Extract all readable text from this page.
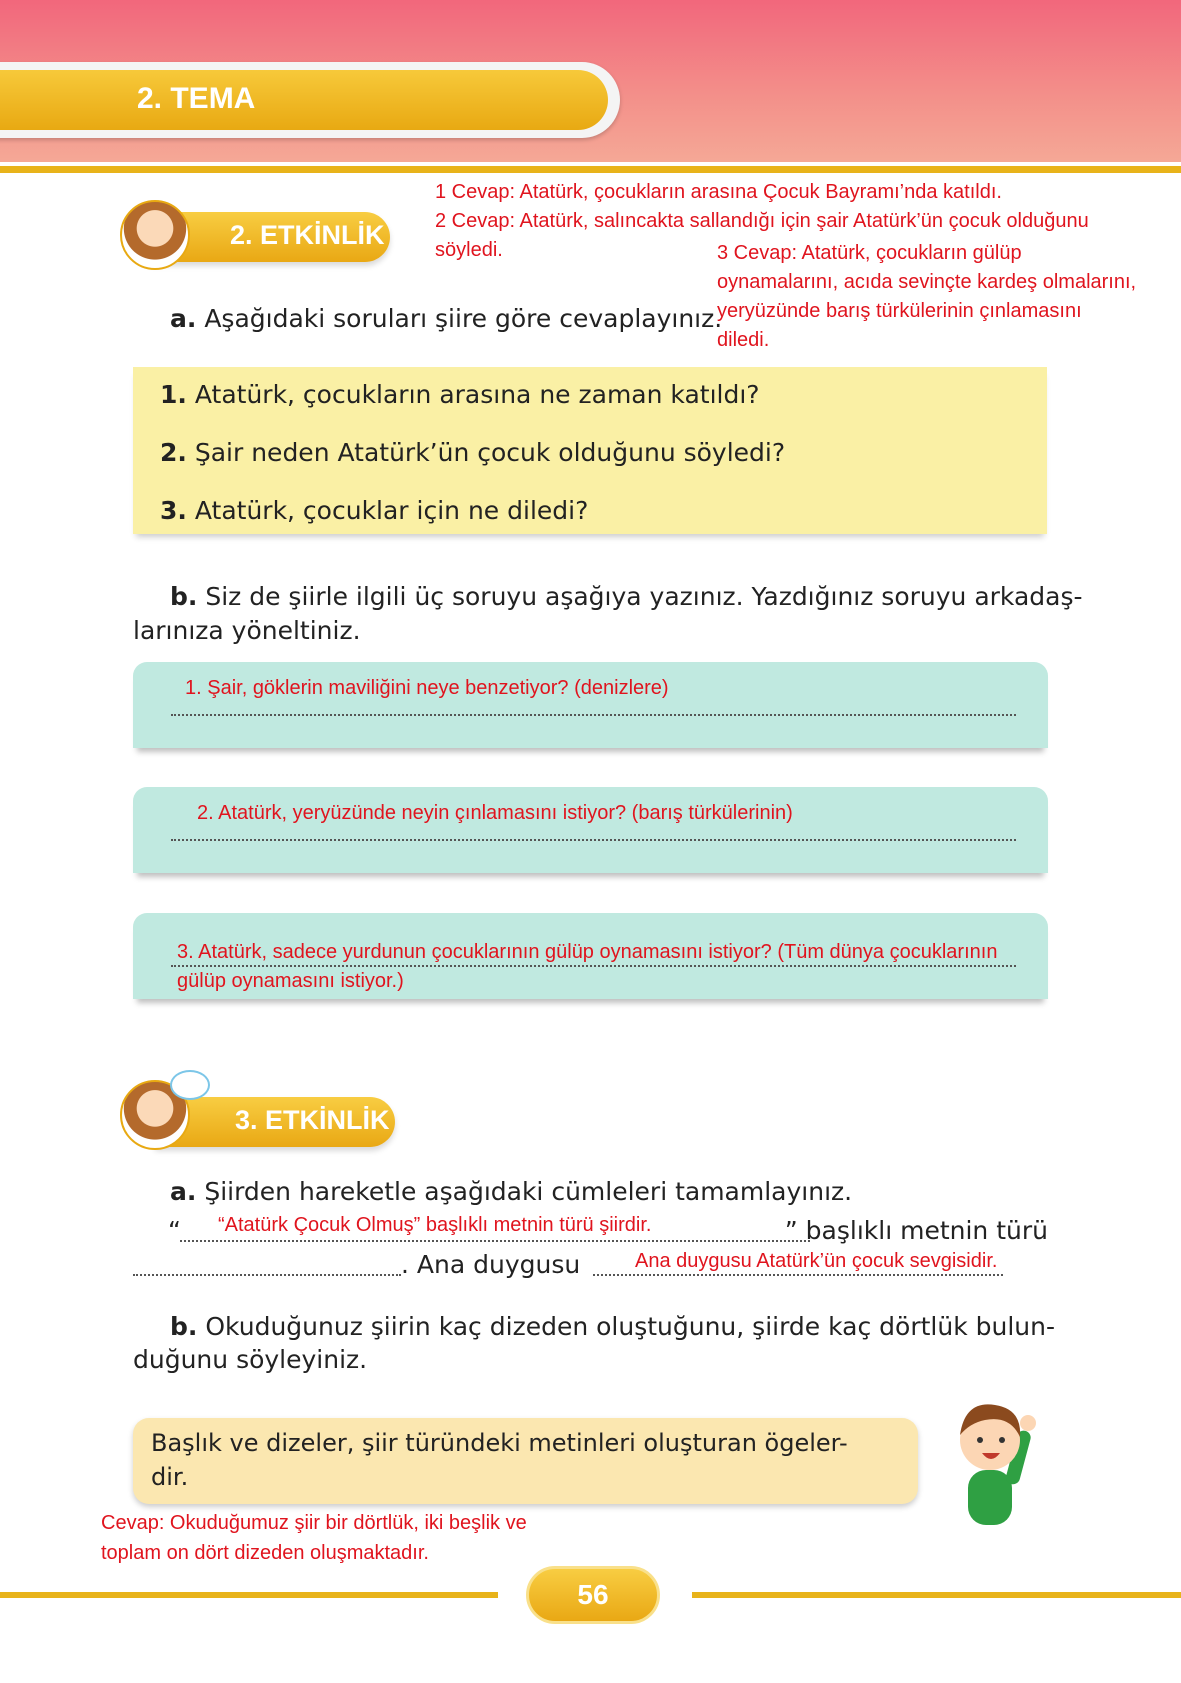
2. TEMA
2. ETKİNLİK
1 Cevap: Atatürk, çocukların arasına Çocuk Bayramı’nda katıldı.
2 Cevap: Atatürk, salıncakta sallandığı için şair Atatürk’ün çocuk olduğunu
söyledi.	3 Cevap: Atatürk, çocukların gülüp
oynamalarını, acıda sevinçte kardeş olmalarını,
yeryüzünde barış türkülerinin çınlamasını
diledi.
a. Aşağıdaki soruları şiire göre cevaplayınız.
1. Atatürk, çocukların arasına ne zaman katıldı?
2. Şair neden Atatürk’ün çocuk olduğunu söyledi?
3. Atatürk, çocuklar için ne diledi?
b. Siz de şiirle ilgili üç soruyu aşağıya yazınız. Yazdığınız soruyu arkadaş-
larınıza yöneltiniz.
1. Şair, göklerin maviliğini neye benzetiyor? (denizlere)
2. Atatürk, yeryüzünde neyin çınlamasını istiyor? (barış türkülerinin)
3. Atatürk, sadece yurdunun çocuklarının gülüp oynamasını istiyor? (Tüm dünya çocuklarının
gülüp oynamasını istiyor.)
3. ETKİNLİK
a. Şiirden hareketle aşağıdaki cümleleri tamamlayınız.
“	” başlıklı metnin türü
“Atatürk Çocuk Olmuş” başlıklı metnin türü şiirdir.
. Ana duygusu	Ana duygusu Atatürk’ün çocuk sevgisidir.
b. Okuduğunuz şiirin kaç dizeden oluştuğunu, şiirde kaç dörtlük bulun-
duğunu söyleyiniz.
Başlık ve dizeler, şiir türündeki metinleri oluşturan ögeler-
dir.
Cevap: Okuduğumuz şiir bir dörtlük, iki beşlik ve
toplam on dört dizeden oluşmaktadır.
56
